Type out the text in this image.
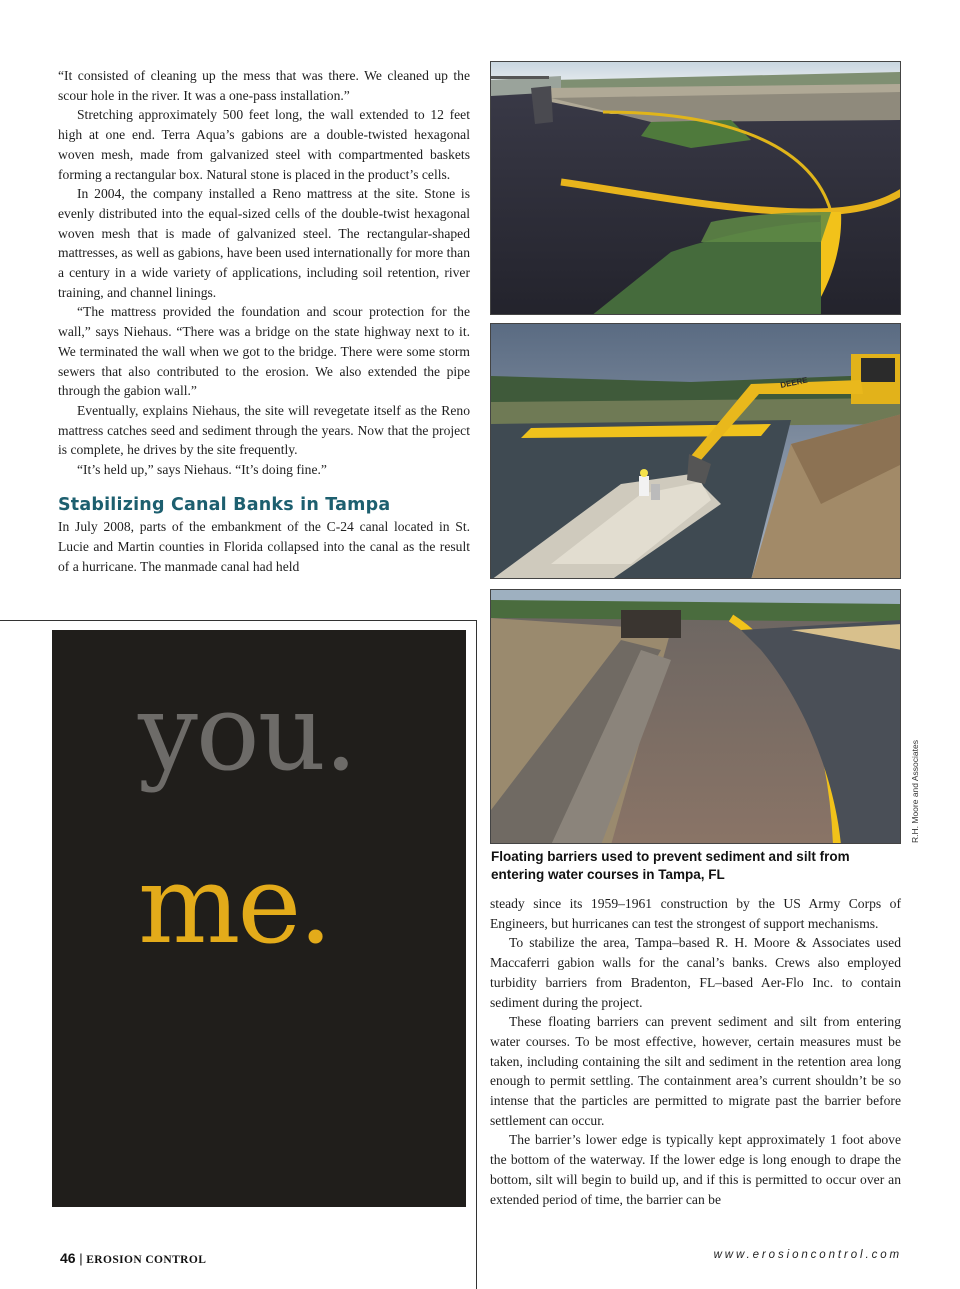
“It consisted of cleaning up the mess that was there. We cleaned up the scour hole in the river. It was a one-pass installation.”

Stretching approximately 500 feet long, the wall extended to 12 feet high at one end. Terra Aqua’s gabions are a double-twisted hexagonal woven mesh, made from galvanized steel with compartmented baskets forming a rectangular box. Natural stone is placed in the product’s cells.

In 2004, the company installed a Reno mattress at the site. Stone is evenly distributed into the equal-sized cells of the double-twist hexagonal woven mesh that is made of galvanized steel. The rectangular-shaped mattresses, as well as gabions, have been used internationally for more than a century in a wide variety of applications, including soil retention, river training, and channel linings.

“The mattress provided the foundation and scour protection for the wall,” says Niehaus. “There was a bridge on the state highway next to it. We terminated the wall when we got to the bridge. There were some storm sewers that also contributed to the erosion. We also extended the pipe through the gabion wall.”

Eventually, explains Niehaus, the site will revegetate itself as the Reno mattress catches seed and sediment through the years. Now that the project is complete, he drives by the site frequently.

“It’s held up,” says Niehaus. “It’s doing fine.”

Stabilizing Canal Banks in Tampa

In July 2008, parts of the embankment of the C-24 canal located in St. Lucie and Martin counties in Florida collapsed into the canal as the result of a hurricane. The manmade canal had held

you.
me.
DEERE
R.H. Moore and Associates
Floating barriers used to prevent sediment and silt from entering water courses in Tampa, FL

steady since its 1959–1961 construction by the US Army Corps of Engineers, but hurricanes can test the strongest of support mechanisms.

To stabilize the area, Tampa–based R. H. Moore & Associates used Maccaferri gabion walls for the canal’s banks. Crews also employed turbidity barriers from Bradenton, FL–based Aer-Flo Inc. to contain sediment during the project.

These floating barriers can prevent sediment and silt from entering water courses. To be most effective, however, certain measures must be taken, including containing the silt and sediment in the retention area long enough to permit settling. The containment area’s current shouldn’t be so intense that the particles are permitted to migrate past the barrier before settlement can occur.

The barrier’s lower edge is typically kept approximately 1 foot above the bottom of the waterway. If the lower edge is long enough to drape the bottom, silt will begin to build up, and if this is permitted to occur over an extended period of time, the barrier can be

46 | EROSION CONTROL	www.erosioncontrol.com
